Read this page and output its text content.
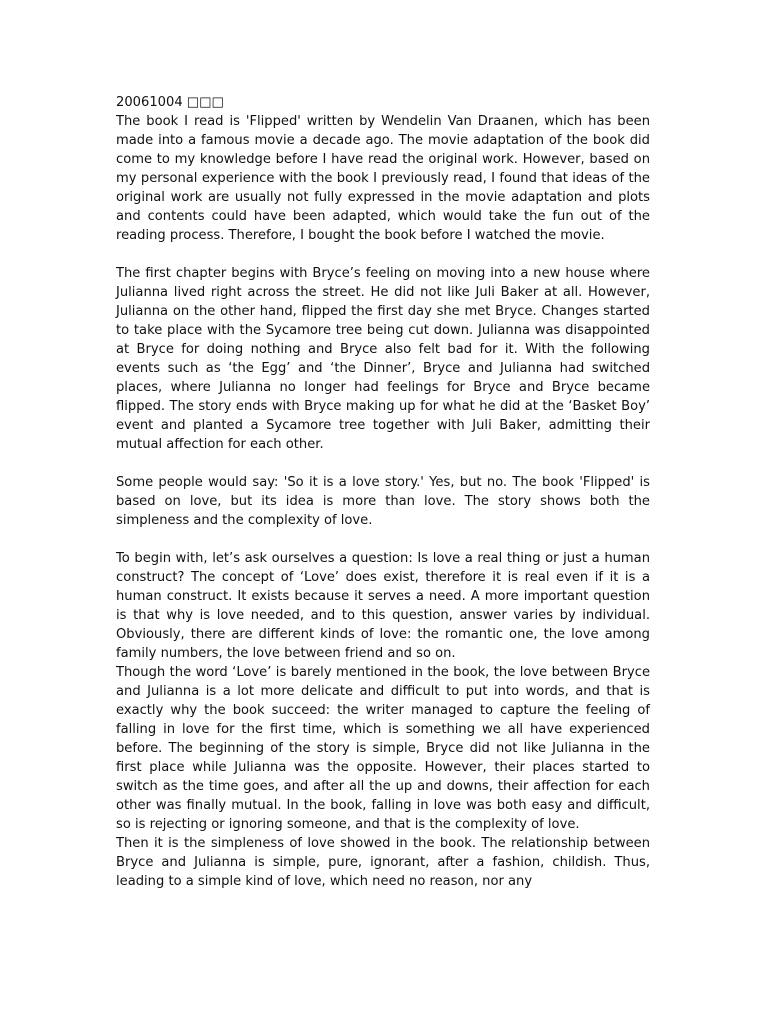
20061004 □□□

The book I read is 'Flipped' written by Wendelin Van Draanen, which has been made into a famous movie a decade ago. The movie adaptation of the book did come to my knowledge before I have read the original work. However, based on my personal experience with the book I previously read, I found that ideas of the original work are usually not fully expressed in the movie adaptation and plots and contents could have been adapted, which would take the fun out of the reading process. Therefore, I bought the book before I watched the movie.

The first chapter begins with Bryce’s feeling on moving into a new house where Julianna lived right across the street. He did not like Juli Baker at all. However, Julianna on the other hand, flipped the first day she met Bryce. Changes started to take place with the Sycamore tree being cut down. Julianna was disappointed at Bryce for doing nothing and Bryce also felt bad for it. With the following events such as ‘the Egg’ and ‘the Dinner’, Bryce and Julianna had switched places, where Julianna no longer had feelings for Bryce and Bryce became flipped. The story ends with Bryce making up for what he did at the ‘Basket Boy’ event and planted a Sycamore tree together with Juli Baker, admitting their mutual affection for each other.

Some people would say: 'So it is a love story.' Yes, but no. The book 'Flipped' is based on love, but its idea is more than love. The story shows both the simpleness and the complexity of love.

To begin with, let’s ask ourselves a question: Is love a real thing or just a human construct? The concept of ‘Love’ does exist, therefore it is real even if it is a human construct. It exists because it serves a need. A more important question is that why is love needed, and to this question, answer varies by individual. Obviously, there are different kinds of love: the romantic one, the love among family numbers, the love between friend and so on.

Though the word ‘Love’ is barely mentioned in the book, the love between Bryce and Julianna is a lot more delicate and difficult to put into words, and that is exactly why the book succeed: the writer managed to capture the feeling of falling in love for the first time, which is something we all have experienced before. The beginning of the story is simple, Bryce did not like Julianna in the first place while Julianna was the opposite. However, their places started to switch as the time goes, and after all the up and downs, their affection for each other was finally mutual. In the book, falling in love was both easy and difficult, so is rejecting or ignoring someone, and that is the complexity of love.

Then it is the simpleness of love showed in the book. The relationship between Bryce and Julianna is simple, pure, ignorant, after a fashion, childish. Thus, leading to a simple kind of love, which need no reason, nor any
